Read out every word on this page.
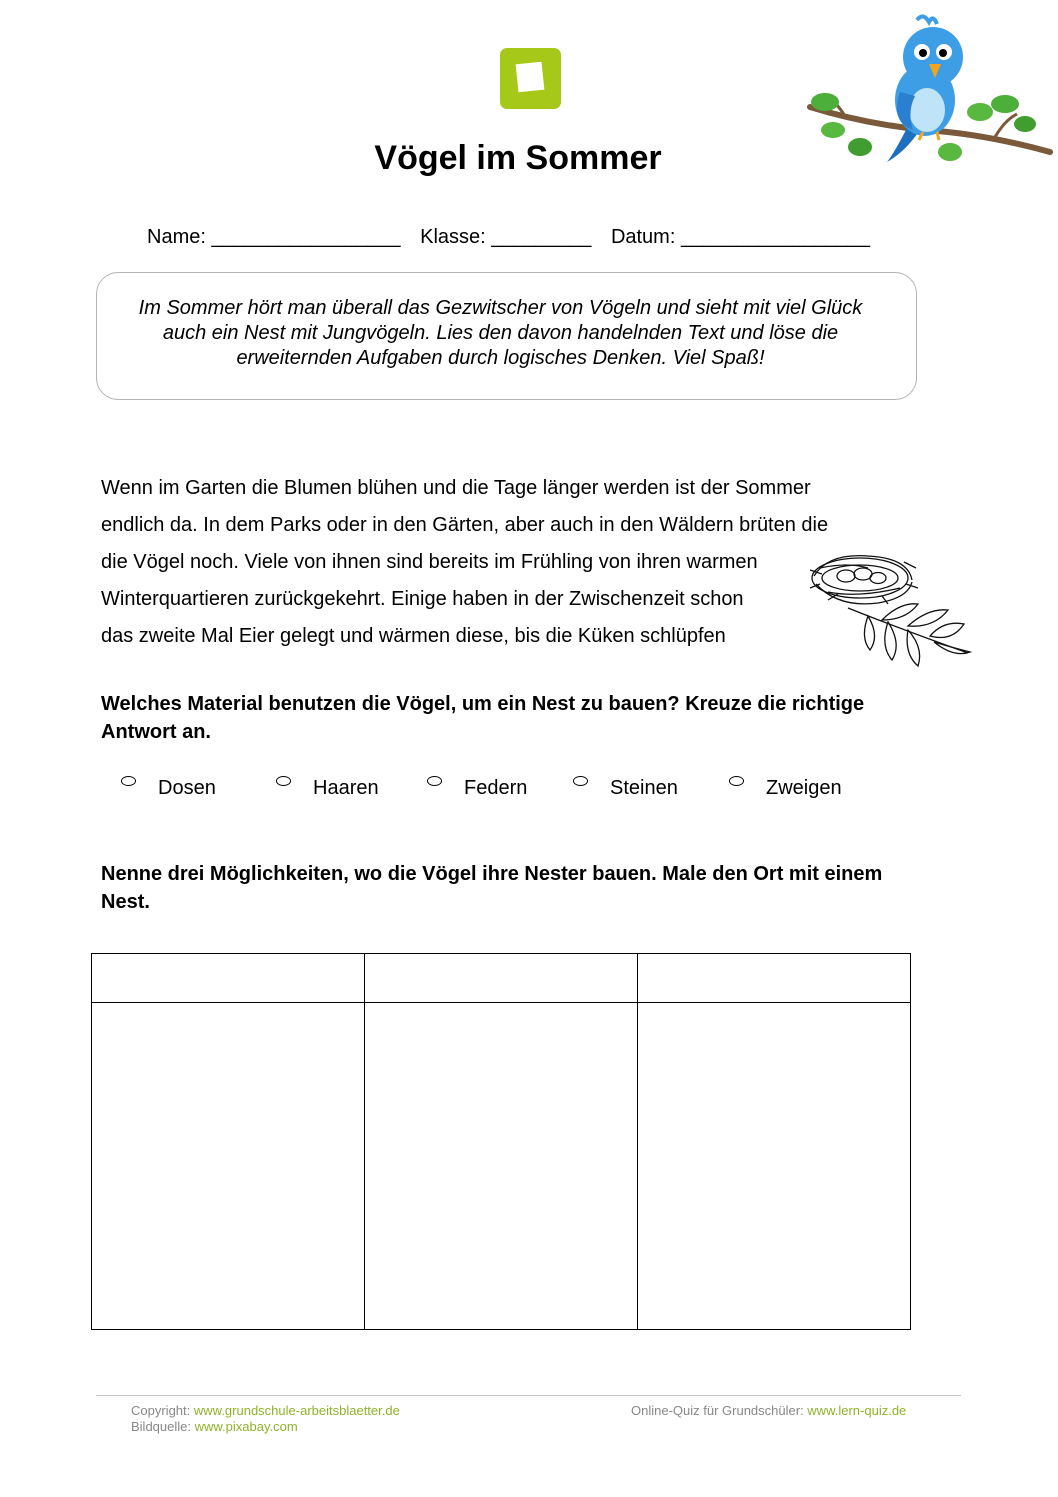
Vögel im Sommer
Name: _________________ Klasse: _________ Datum: _________________
Im Sommer hört man überall das Gezwitscher von Vögeln und sieht mit viel Glück
auch ein Nest mit Jungvögeln. Lies den davon handelnden Text und löse die
erweiternden Aufgaben durch logisches Denken. Viel Spaß!
Wenn im Garten die Blumen blühen und die Tage länger werden ist der Sommer
endlich da. In dem Parks oder in den Gärten, aber auch in den Wäldern brüten die
die Vögel noch. Viele von ihnen sind bereits im Frühling von ihren warmen
Winterquartieren zurückgekehrt. Einige haben in der Zwischenzeit schon
das zweite Mal Eier gelegt und wärmen diese, bis die Küken schlüpfen

Welches Material benutzen die Vögel, um ein Nest zu bauen? Kreuze die richtige Antwort an.

Dosen	Haaren	Federn	Steinen	Zweigen

Nenne drei Möglichkeiten, wo die Vögel ihre Nester bauen. Male den Ort mit einem Nest.

Copyright: www.grundschule-arbeitsblaetter.de
Bildquelle: www.pixabay.com
Online-Quiz für Grundschüler: www.lern-quiz.de
